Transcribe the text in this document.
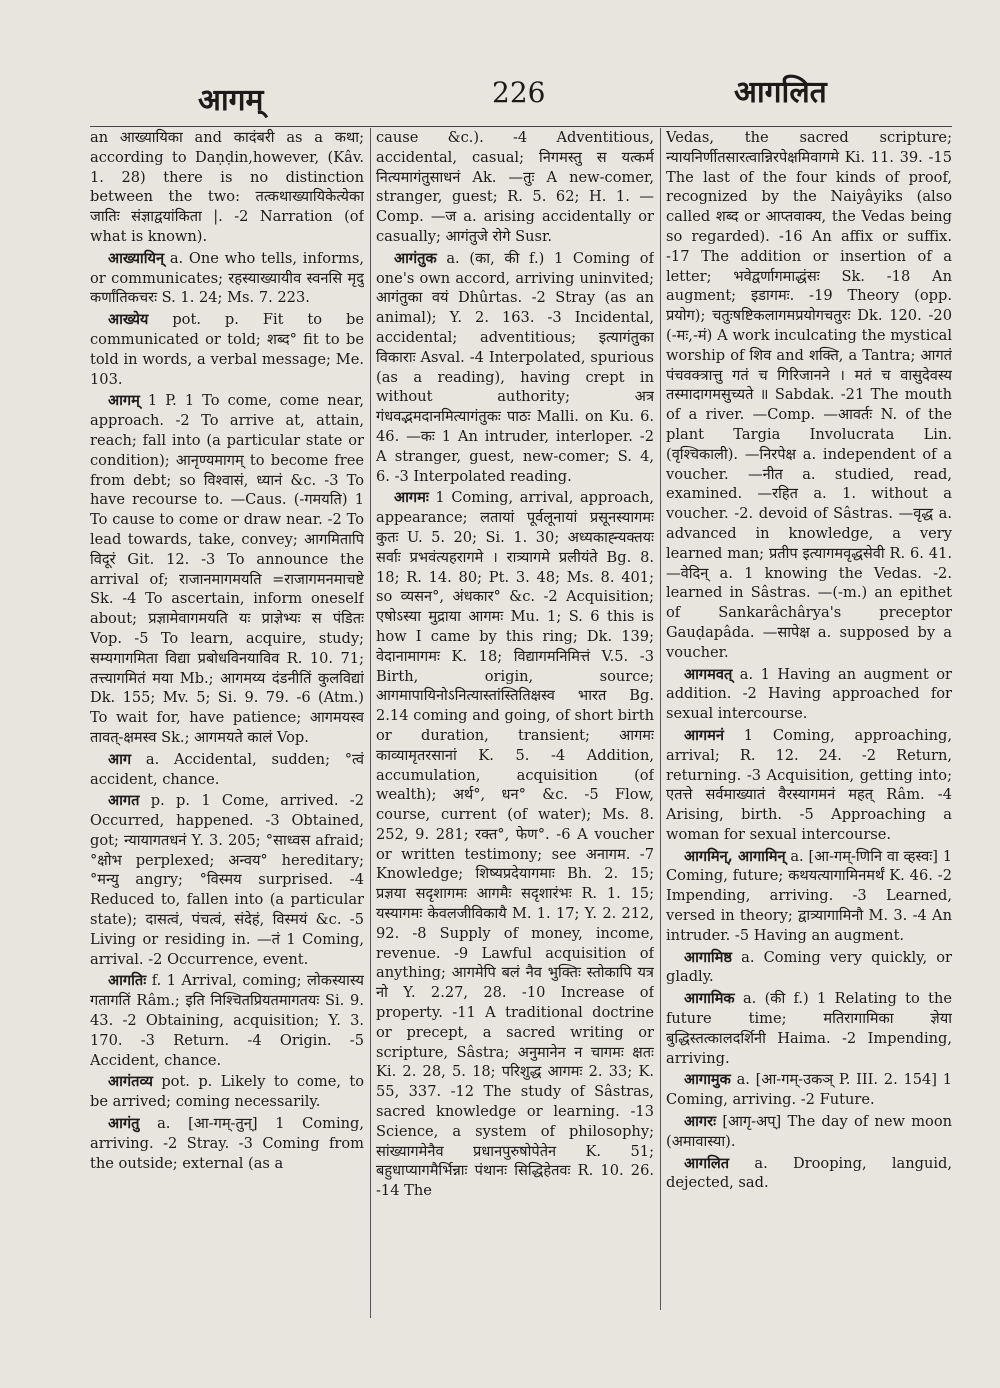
आगम्	226	आगलित

an आख्यायिका and कादंबरी as a कथा; according to Daṇḍin,however, (Kâv. 1. 28) there is no distinction between the two: तत्कथाख्यायिकेत्येका जातिः संज्ञाद्वयांकिता |. -2 Narration (of what is known).

आख्यायिन् a. One who tells, informs, or communicates; रहस्याख्यायीव स्वनसि मृदु कर्णांतिकचरः S. 1. 24; Ms. 7. 223.

आख्येय pot. p. Fit to be communicated or told; शब्द° fit to be told in words, a verbal message; Me. 103.

आगम् 1 P. 1 To come, come near, approach. -2 To arrive at, attain, reach; fall into (a particular state or condition); आनृण्यमागम् to become free from debt; so विश्वासं, ध्यानं &c. -3 To have recourse to. —Caus. (-गमयति) 1 To cause to come or draw near. -2 To lead towards, take, convey; आगमितापि विदूरं Git. 12. -3 To announce the arrival of; राजानमागमयति =राजागमनमाचष्टे Sk. -4 To ascertain, inform oneself about; प्रज्ञामेवागमयति यः प्राज्ञेभ्यः स पंडितः Vop. -5 To learn, acquire, study; सम्यगागमिता विद्या प्रबोधविनयाविव R. 10. 71; तत्त्यागमितं मया Mb.; आगमय्य दंडनीतिं कुलविद्यां Dk. 155; Mv. 5; Si. 9. 79. -6 (Atm.) To wait for, have patience; आगमयस्व तावत्-क्षमस्व Sk.; आगमयते कालं Vop.

आग a. Accidental, sudden; °त्वं accident, chance.

आगत p. p. 1 Come, arrived. -2 Occurred, happened. -3 Obtained, got; न्यायागतधनं Y. 3. 205; °साध्वस afraid; °क्षोभ perplexed; अन्वय° hereditary; °मन्यु angry; °विस्मय surprised. -4 Reduced to, fallen into (a particular state); दासत्वं, पंचत्वं, संदेहं, विस्मयं &c. -5 Living or residing in. —तं 1 Coming, arrival. -2 Occurrence, event.

आगतिः f. 1 Arrival, coming; लोकस्यास्य गतागतिं Râm.; इति निश्चितप्रियतमागतयः Si. 9. 43. -2 Obtaining, acquisition; Y. 3. 170. -3 Return. -4 Origin. -5 Accident, chance.

आगंतव्य pot. p. Likely to come, to be arrived; coming necessarily.

आगंतु a. [आ-गम्-तुन्] 1 Coming, arriving. -2 Stray. -3 Coming from the outside; external (as a

cause &c.). -4 Adventitious, accidental, casual; निगमस्तु स यत्कर्म नित्यमागंतुसाधनं Ak. —तुः A new-comer, stranger, guest; R. 5. 62; H. 1. —Comp. —ज a. arising accidentally or casually; आगंतुजे रोगे Susr.

आगंतुक a. (का, की f.) 1 Coming of one's own accord, arriving uninvited; आगंतुका वयं Dhûrtas. -2 Stray (as an animal); Y. 2. 163. -3 Incidental, accidental; adventitious; इत्यागंतुका विकाराः Asval. -4 Interpolated, spurious (as a reading), having crept in without authority; अत्र गंधवद्भमदानमित्यागंतुकः पाठः Malli. on Ku. 6. 46. —कः 1 An intruder, interloper. -2 A stranger, guest, new-comer; S. 4, 6. -3 Interpolated reading.

आगमः 1 Coming, arrival, approach, appearance; लतायां पूर्वलूनायां प्रसूनस्यागमः कुतः U. 5. 20; Si. 1. 30; अध्यकाह्न्यक्तयः सर्वाः प्रभवंत्यहरागमे । रात्र्यागमे प्रलीयंते Bg. 8. 18; R. 14. 80; Pt. 3. 48; Ms. 8. 401; so व्यसन°, अंधकार° &c. -2 Acquisition; एषोऽस्या मुद्राया आगमः Mu. 1; S. 6 this is how I came by this ring; Dk. 139; वेदानामागमः K. 18; विद्यागमनिमित्तं V.5. -3 Birth, origin, source; आगमापायिनोऽनित्यास्तांस्तितिक्षस्व भारत Bg. 2.14 coming and going, of short birth or duration, transient; आगमः काव्यामृतरसानां K. 5. -4 Addition, accumulation, acquisition (of wealth); अर्थ°, धन° &c. -5 Flow, course, current (of water); Ms. 8. 252, 9. 281; रक्त°, फेण°. -6 A voucher or written testimony; see अनागम. -7 Knowledge; शिष्यप्रदेयागमाः Bh. 2. 15; प्रज्ञया सदृशागमः आगमैः सदृशारंभः R. 1. 15; यस्यागमः केवलजीविकायै M. 1. 17; Y. 2. 212, 92. -8 Supply of money, income, revenue. -9 Lawful acquisition of anything; आगमेपि बलं नैव भुक्तिः स्तोकापि यत्र नो Y. 2.27, 28. -10 Increase of property. -11 A traditional doctrine or precept, a sacred writing or scripture, Sâstra; अनुमानेन न चागमः क्षतः Ki. 2. 28, 5. 18; परिशुद्ध आगमः 2. 33; K. 55, 337. -12 The study of Sâstras, sacred knowledge or learning. -13 Science, a system of philosophy; सांख्यागमेनैव प्रधानपुरुषोपेतेन K. 51; बहुधाप्यागमैर्भिन्नाः पंथानः सिद्धिहेतवः R. 10. 26. -14 The

Vedas, the sacred scripture; न्यायनिर्णीतसारत्वान्निरपेक्षमिवागमे Ki. 11. 39. -15 The last of the four kinds of proof, recognized by the Naiyâyiks (also called शब्द or आप्तवाक्य, the Vedas being so regarded). -16 An affix or suffix. -17 The addition or insertion of a letter; भवेद्वर्णागमाद्धंसः Sk. -18 An augment; इडागमः. -19 Theory (opp. प्रयोग); चतुःषष्टिकलागमप्रयोगचतुरः Dk. 120. -20 (-मः,-मं) A work inculcating the mystical worship of शिव and शक्ति, a Tantra; आगतं पंचवक्त्रात्तु गतं च गिरिजानने । मतं च वासुदेवस्य तस्मादागमसुच्यते ॥ Sabdak. -21 The mouth of a river. —Comp. —आवर्तः N. of the plant Targia Involucrata Lin. (वृश्चिकाली). —निरपेक्ष a. independent of a voucher. —नीत a. studied, read, examined. —रहित a. 1. without a voucher. -2. devoid of Sâstras. —वृद्ध a. advanced in knowledge, a very learned man; प्रतीप इत्यागमवृद्धसेवी R. 6. 41. —वेदिन् a. 1 knowing the Vedas. -2. learned in Sâstras. —(-m.) an epithet of Sankarâchârya's preceptor Gauḍapâda. —सापेक्ष a. supposed by a voucher.

आगमवत् a. 1 Having an augment or addition. -2 Having approached for sexual intercourse.

आगमनं 1 Coming, approaching, arrival; R. 12. 24. -2 Return, returning. -3 Acquisition, getting into; एतत्ते सर्वमाख्यातं वैरस्यागमनं महत् Râm. -4 Arising, birth. -5 Approaching a woman for sexual intercourse.

आगमिन्, आगामिन् a. [आ-गम्-णिनि वा व्हस्वः] 1 Coming, future; कथयत्यागामिनमर्थं K. 46. -2 Impending, arriving. -3 Learned, versed in theory; द्वात्र्यागामिनौ M. 3. -4 An intruder. -5 Having an augment.

आगामिष्ठ a. Coming very quickly, or gladly.

आगामिक a. (की f.) 1 Relating to the future time; मतिरागामिका ज्ञेया बुद्धिस्तत्कालदर्शिनी Haima. -2 Impending, arriving.

आगामुक a. [आ-गम्-उकञ् P. III. 2. 154] 1 Coming, arriving. -2 Future.

आगरः [आगृ-अप्] The day of new moon (अमावास्या).

आगलित a. Drooping, languid, dejected, sad.
